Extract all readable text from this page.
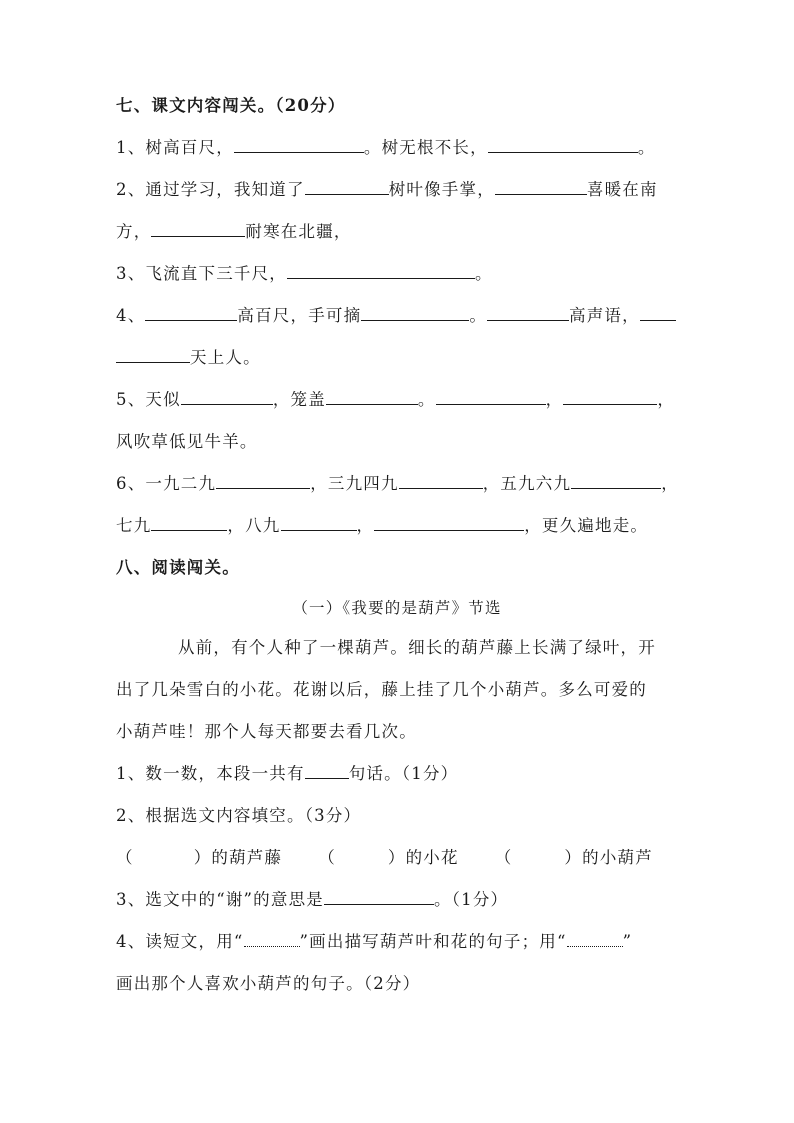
七、课文内容闯关。（20分）
1、树高百尺，	。树无根不长，	。
2、通过学习，我知道了	树叶像手掌，	喜暖在南
方，	耐寒在北疆，
3、飞流直下三千尺，	。
4、	高百尺，手可摘	。	高声语，
天上人。
5、天似	，笼盖	。	，	，
风吹草低见牛羊。
6、一九二九	，三九四九	，五九六九	，
七九	，八九	，	，更久遍地走。
八、阅读闯关。
（一）《我要的是葫芦》节选
从前，有个人种了一棵葫芦。细长的葫芦藤上长满了绿叶，开
出了几朵雪白的小花。花谢以后，藤上挂了几个小葫芦。多么可爱的
小葫芦哇！那个人每天都要去看几次。
1、数一数，本段一共有	句话。（1分）
2、根据选文内容填空。（3分）
（	）的葫芦藤 （	）的小花 （	）的小葫芦
3、选文中的“谢”的意思是	。（1分）
4、读短文，用“	”画出描写葫芦叶和花的句子；用“	”
画出那个人喜欢小葫芦的句子。（2分）
